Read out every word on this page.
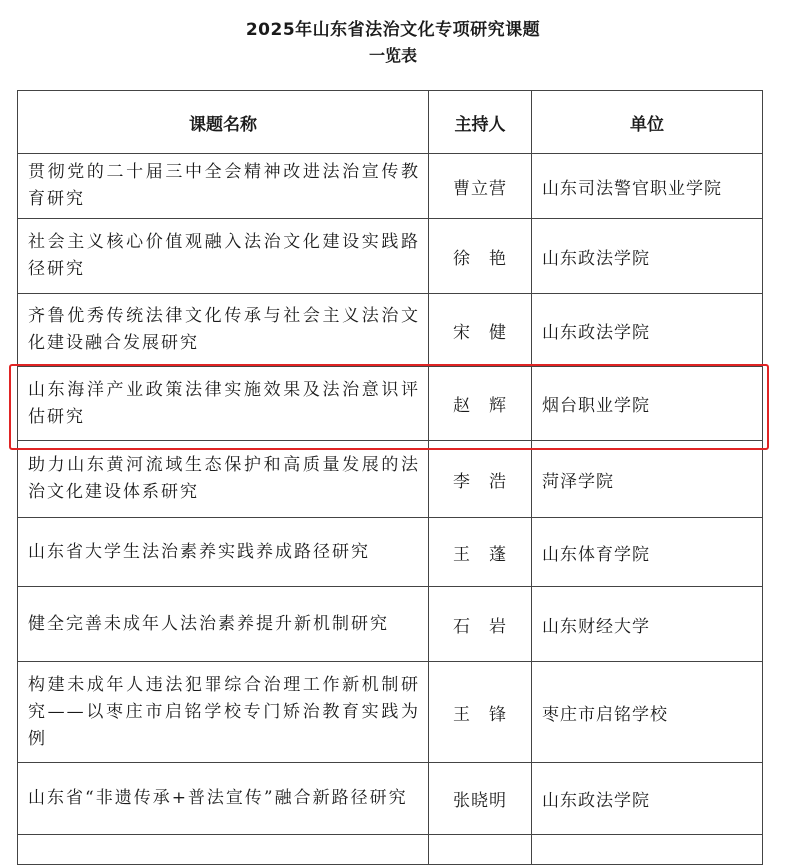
2025年山东省法治文化专项研究课题
一览表
课题名称	主持人	单位
贯彻党的二十届三中全会精神改进法治宣传教育研究	曹立营	山东司法警官职业学院
社会主义核心价值观融入法治文化建设实践路径研究	徐　艳	山东政法学院
齐鲁优秀传统法律文化传承与社会主义法治文化建设融合发展研究	宋　健	山东政法学院
山东海洋产业政策法律实施效果及法治意识评估研究	赵　辉	烟台职业学院
助力山东黄河流域生态保护和高质量发展的法治文化建设体系研究	李　浩	菏泽学院
山东省大学生法治素养实践养成路径研究	王　蓬	山东体育学院
健全完善未成年人法治素养提升新机制研究	石　岩	山东财经大学
构建未成年人违法犯罪综合治理工作新机制研究——以枣庄市启铭学校专门矫治教育实践为例	王　锋	枣庄市启铭学校
山东省“非遗传承+普法宣传”融合新路径研究	张晓明	山东政法学院
